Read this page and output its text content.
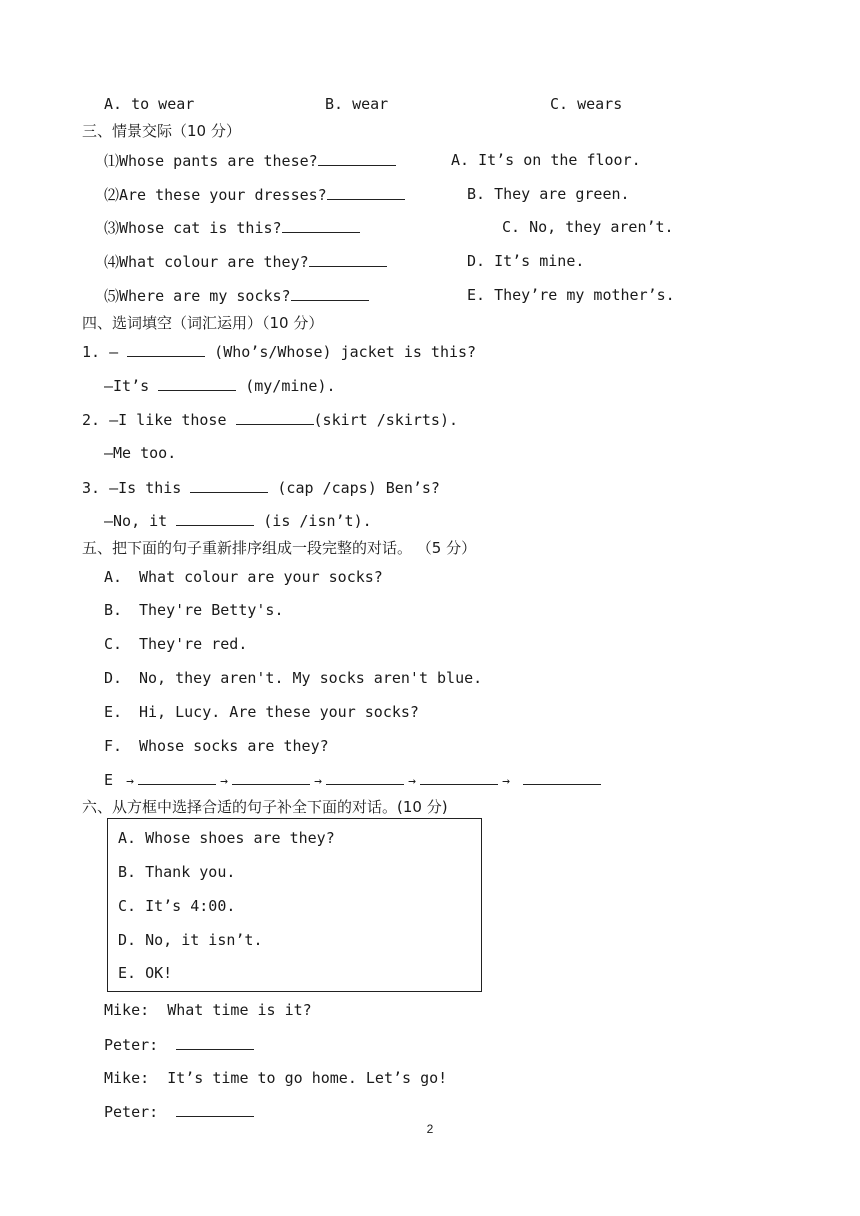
A. to wear	B. wear	C. wears
三、情景交际（10 分）
⑴Whose pants are these?	A. It’s on the floor.
⑵Are these your dresses?	B. They are green.
⑶Whose cat is this?	C. No, they aren’t.
⑷What colour are they?	D. It’s mine.
⑸Where are my socks?	E. They’re my mother’s.
四、选词填空（词汇运用）（10 分）
1. —	(Who’s/Whose) jacket is this?
—It’s	(my/mine).
2. —I like those	(skirt /skirts).
—Me too.
3. —Is this	(cap /caps) Ben’s?
—No, it	(is /isn’t).
五、把下面的句子重新排序组成一段完整的对话。 （5 分）
A. What colour are your socks?
B. They're Betty's.
C. They're red.
D. No, they aren't. My socks aren't blue.
E. Hi, Lucy. Are these your socks?
F. Whose socks are they?
E →	→	→	→	→
六、从方框中选择合适的句子补全下面的对话。(10 分)
A. Whose shoes are they?
B. Thank you.
C. It’s 4:00.
D. No, it isn’t.
E. OK!
Mike: What time is it?
Peter:
Mike: It’s time to go home. Let’s go!
Peter:
2
